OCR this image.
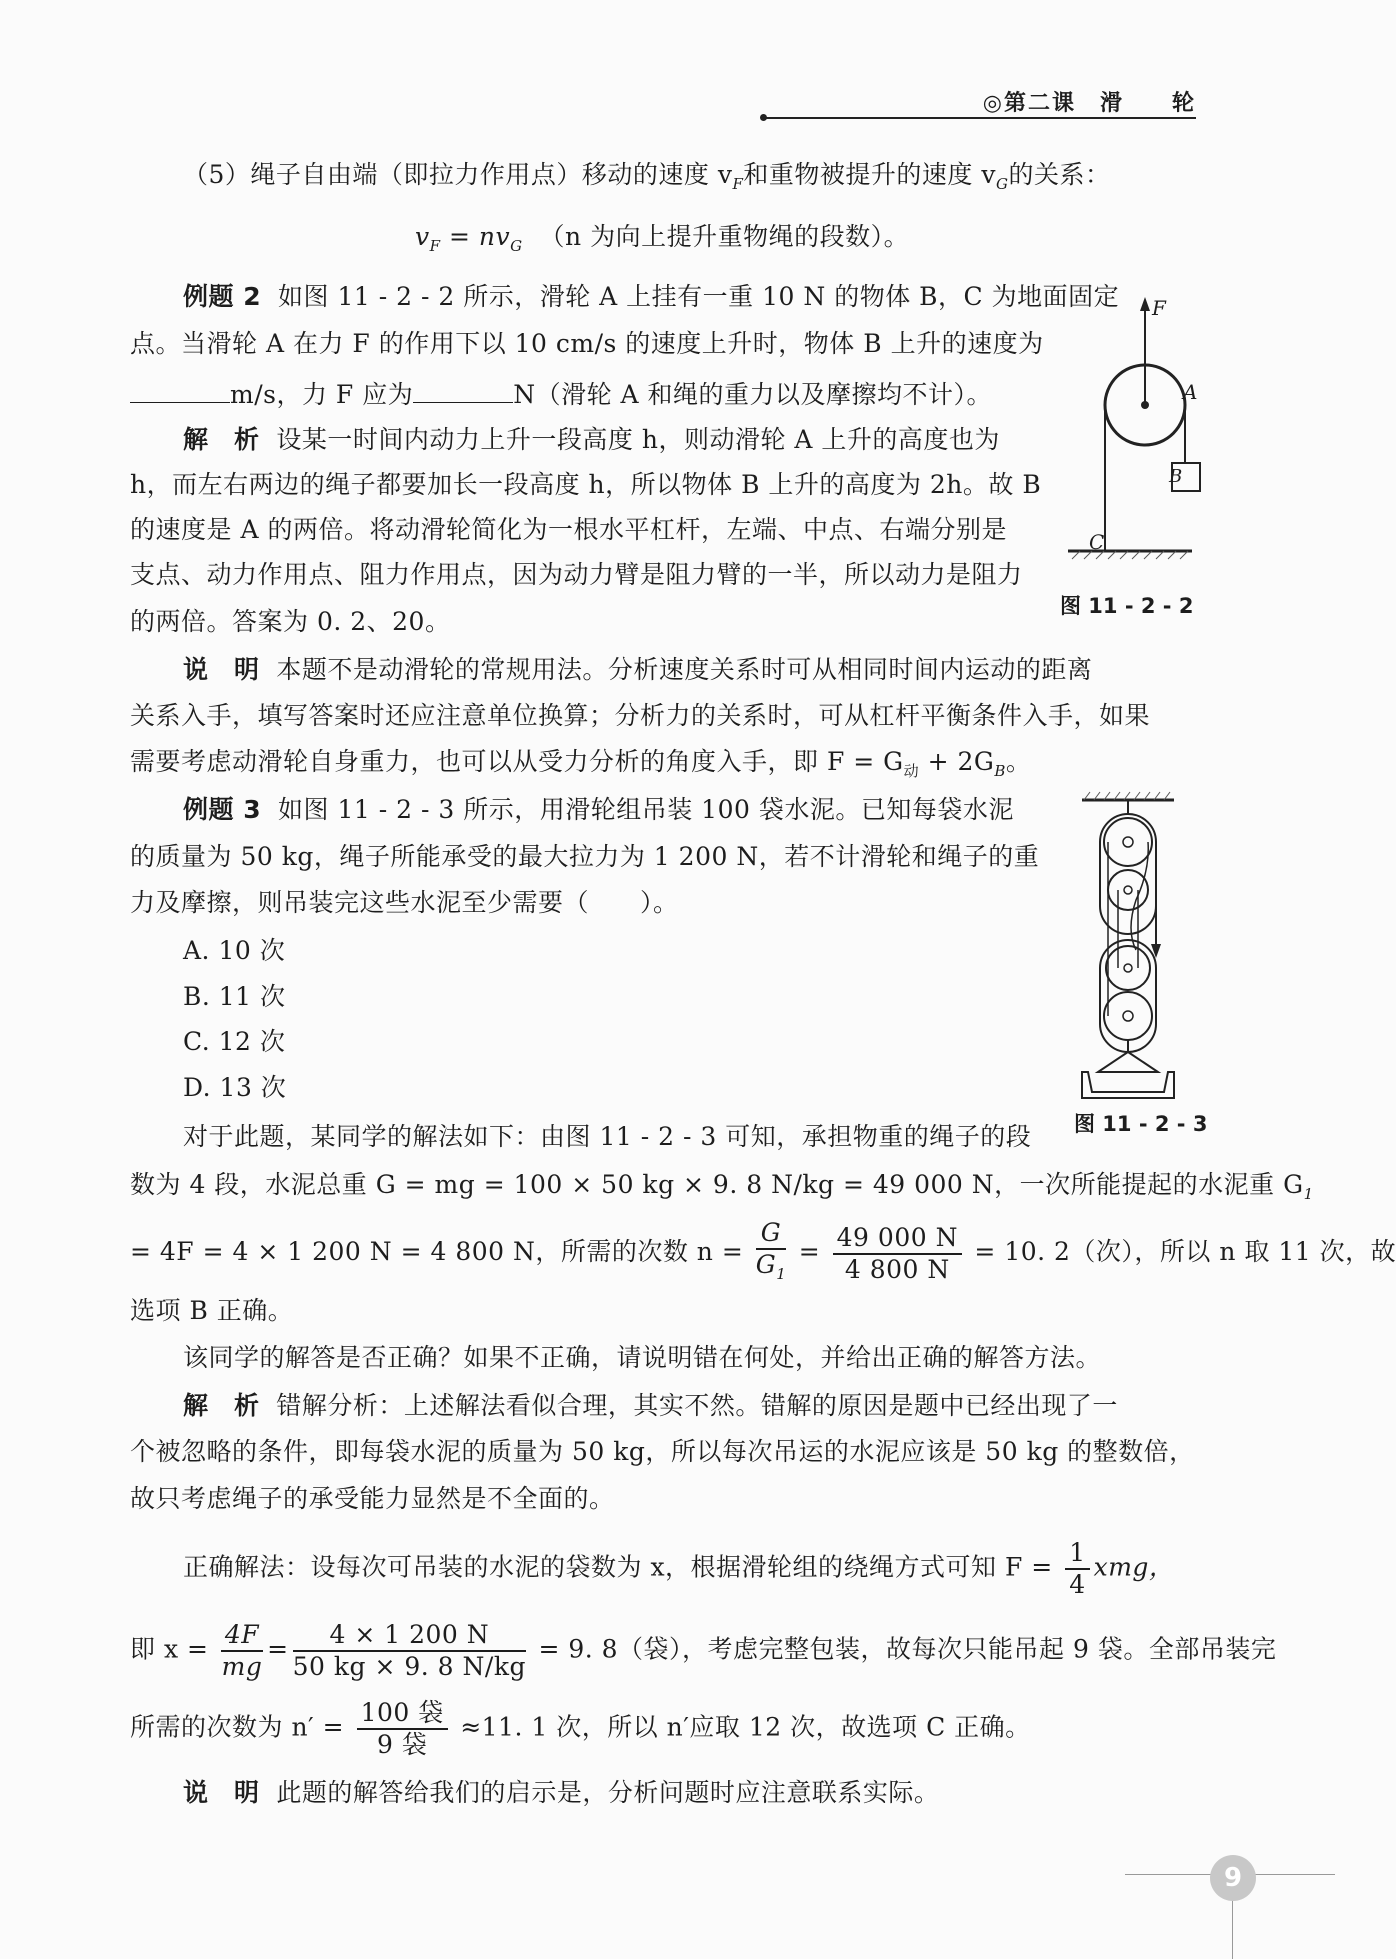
◎第二课　滑　　轮
（5）绳子自由端（即拉力作用点）移动的速度 $v_F$和重物被提升的速度 $v_G$的关系：
$v_F = nv_G$ （n 为向上提升重物绳的段数）。
例题 2 如图 11 - 2 - 2 所示，滑轮 A 上挂有一重 10 N 的物体 B，C 为地面固定
点。当滑轮 A 在力 F 的作用下以 10 cm/s 的速度上升时，物体 B 上升的速度为
m/s，力 F 应为	N（滑轮 A 和绳的重力以及摩擦均不计）。
解　析 设某一时间内动力上升一段高度 h，则动滑轮 A 上升的高度也为
h，而左右两边的绳子都要加长一段高度 h，所以物体 B 上升的高度为 2h。故 B
的速度是 A 的两倍。将动滑轮简化为一根水平杠杆，左端、中点、右端分别是
支点、动力作用点、阻力作用点，因为动力臂是阻力臂的一半，所以动力是阻力
的两倍。答案为 0. 2、20。
F
A
B
C
图 11 - 2 - 2
说　明 本题不是动滑轮的常规用法。分析速度关系时可从相同时间内运动的距离
关系入手，填写答案时还应注意单位换算；分析力的关系时，可从杠杆平衡条件入手，如果
需要考虑动滑轮自身重力，也可以从受力分析的角度入手，即 $F = G_动 + 2G_B$。
例题 3 如图 11 - 2 - 3 所示，用滑轮组吊装 100 袋水泥。已知每袋水泥
的质量为 50 kg，绳子所能承受的最大拉力为 1 200 N，若不计滑轮和绳子的重
力及摩擦，则吊装完这些水泥至少需要（　　）。
A. 10 次
B. 11 次
C. 12 次
D. 13 次
图 11 - 2 - 3
对于此题，某同学的解法如下：由图 11 - 2 - 3 可知，承担物重的绳子的段
数为 4 段，水泥总重 G = mg = 100 × 50 kg × 9. 8 N/kg = 49 000 N，一次所能提起的水泥重 $G_1$
= 4F = 4 × 1 200 N = 4 800 N，所需的次数 $n = \frac{G}{G_1} = \frac{49 000 N}{4 800 N} = 10$. 2（次），所以 n 取 11 次，故
选项 B 正确。
该同学的解答是否正确？如果不正确，请说明错在何处，并给出正确的解答方法。
解　析 错解分析：上述解法看似合理，其实不然。错解的原因是题中已经出现了一
个被忽略的条件，即每袋水泥的质量为 50 kg，所以每次吊运的水泥应该是 50 kg 的整数倍，
故只考虑绳子的承受能力显然是不全面的。
正确解法：设每次可吊装的水泥的袋数为 x，根据滑轮组的绕绳方式可知 $F = \frac{1}{4}$ xmg，
即 $x = \frac{4F}{mg} = \frac{4 \times 1 200 N}{50 kg \times 9. 8 N/kg} = 9$. 8（袋），考虑完整包装，故每次只能吊起 9 袋。全部吊装完
所需的次数为 $n' = \frac{\text{100 袋}}{\text{9 袋}} \approx 11$. 1 次，所以 n′应取 12 次，故选项 C 正确。
说　明 此题的解答给我们的启示是，分析问题时应注意联系实际。
9
